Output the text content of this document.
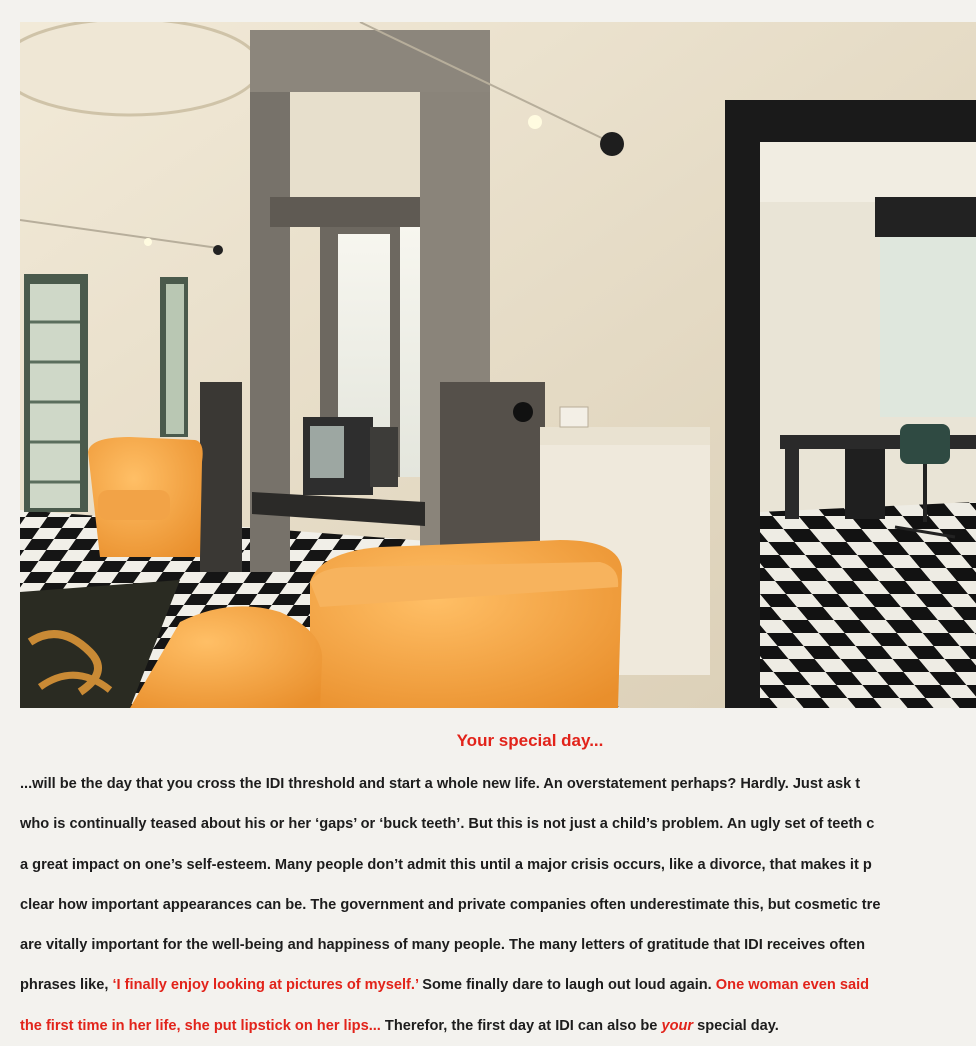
Your special day...
...will be the day that you cross the IDI threshold and start a whole new life. An overstatement perhaps? Hardly. Just ask t
who is continually teased about his or her ‘gaps’ or ‘buck teeth’. But this is not just a child’s problem. An ugly set of teeth c
a great impact on one’s self-esteem. Many people don’t admit this until a major crisis occurs, like a divorce, that makes it p
clear how important appearances can be. The government and private companies often underestimate this, but cosmetic tre
are vitally important for the well-being and happiness of many people. The many letters of gratitude that IDI receives often
phrases like, ‘I finally enjoy looking at pictures of myself.’ Some finally dare to laugh out loud again. One woman even said
the first time in her life, she put lipstick on her lips... Therefor, the first day at IDI can also be your special day.
